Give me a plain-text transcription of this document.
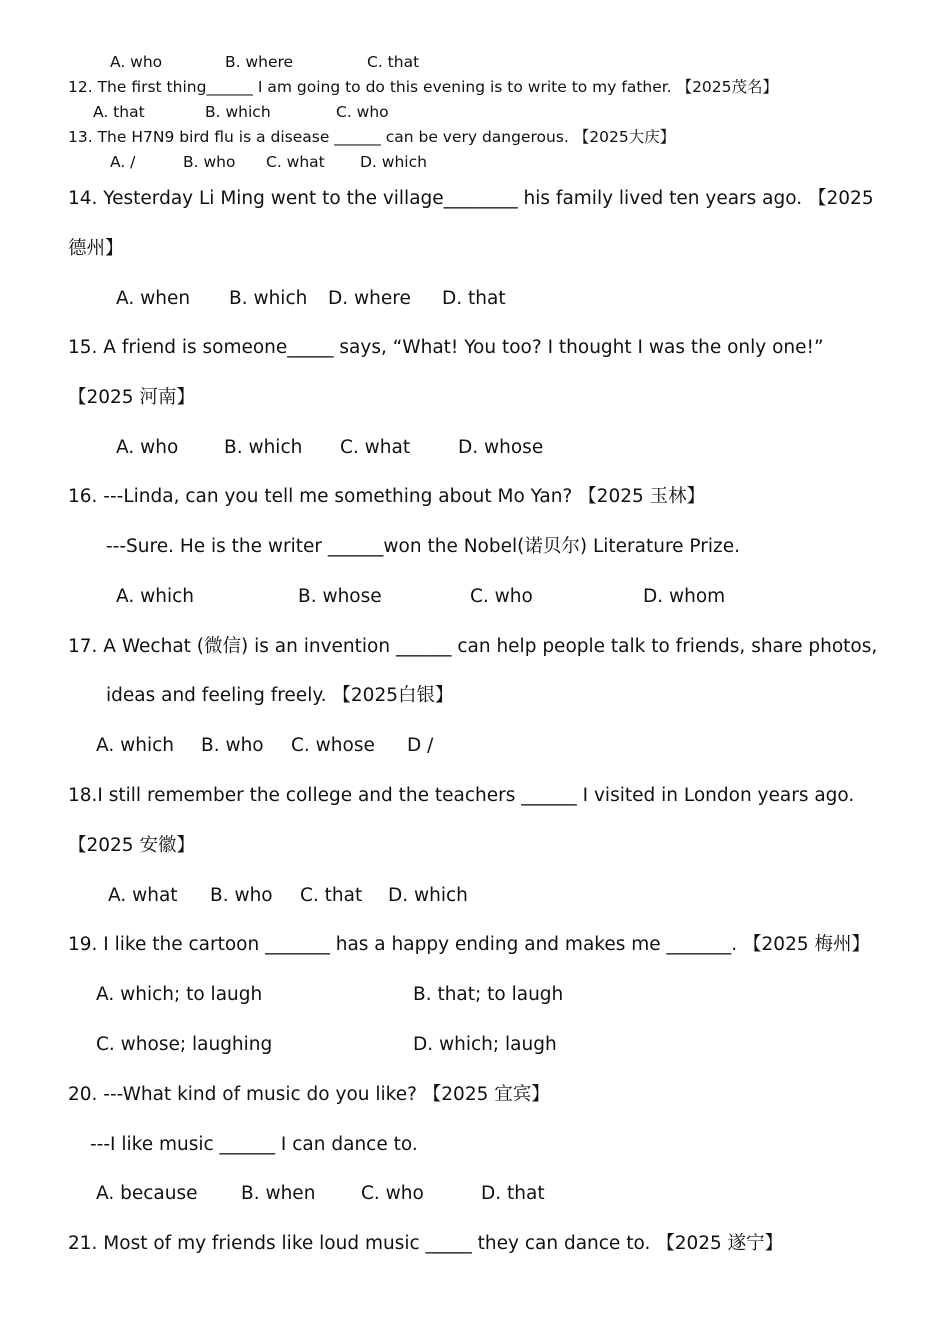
A. who	B. where	C. that
12. The first thing______ I am going to do this evening is to write to my father. 【2025茂名】
A. that	B. which	C. who
13. The H7N9 bird flu is a disease ______ can be very dangerous. 【2025大庆】
A. /	B. who C. what D. which
14. Yesterday Li Ming went to the village________ his family lived ten years ago. 【2025
德州】
A. when B. which D. where D. that
15. A friend is someone_____ says, “What! You too? I thought I was the only one!”
【2025 河南】
A. who B. which C. what	D. whose
16. ---Linda, can you tell me something about Mo Yan? 【2025 玉林】
---Sure. He is the writer ______won the Nobel(诺贝尔) Literature Prize.
A. which	B. whose	C. who	D. whom
17. A Wechat (微信) is an invention ______ can help people talk to friends, share photos,
ideas and feeling freely. 【2025白银】
A. which B. who C. whose D /
18.I still remember the college and the teachers ______ I visited in London years ago.
【2025 安徽】
A. what B. who C. that D. which
19. I like the cartoon _______ has a happy ending and makes me _______. 【2025 梅州】
A. which; to laugh	B. that; to laugh
C. whose; laughing	D. which; laugh
20. ---What kind of music do you like? 【2025 宜宾】
---I like music ______ I can dance to.
A. because B. when C. who	D. that
21. Most of my friends like loud music _____ they can dance to. 【2025 遂宁】
